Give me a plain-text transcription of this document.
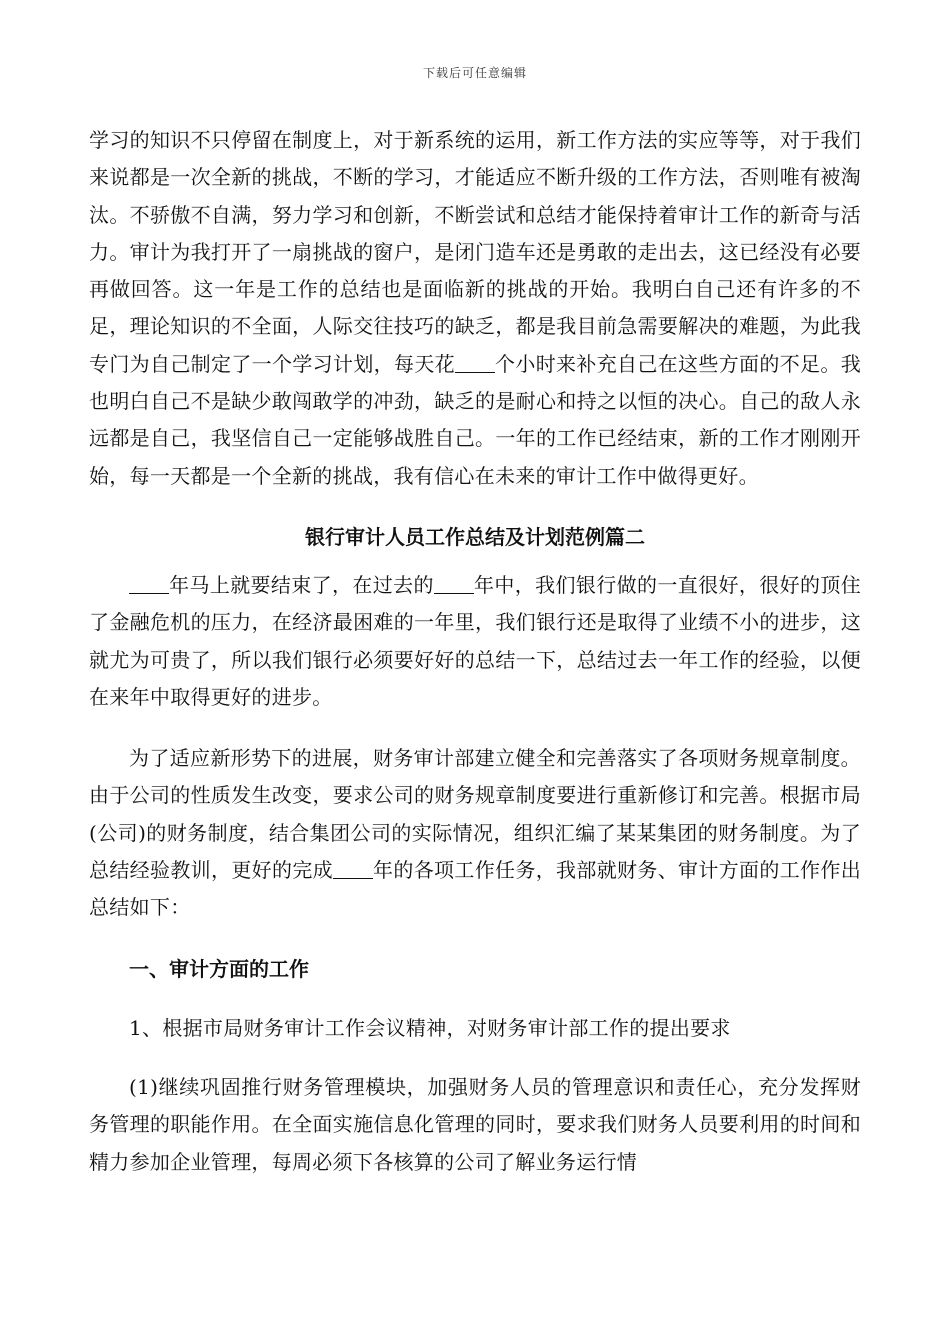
下载后可任意编辑

学习的知识不只停留在制度上，对于新系统的运用，新工作方法的实应等等，对于我们来说都是一次全新的挑战，不断的学习，才能适应不断升级的工作方法，否则唯有被淘汰。不骄傲不自满，努力学习和创新，不断尝试和总结才能保持着审计工作的新奇与活力。审计为我打开了一扇挑战的窗户，是闭门造车还是勇敢的走出去，这已经没有必要再做回答。这一年是工作的总结也是面临新的挑战的开始。我明白自己还有许多的不足，理论知识的不全面，人际交往技巧的缺乏，都是我目前急需要解决的难题，为此我专门为自己制定了一个学习计划，每天花 个小时来补充自己在这些方面的不足。我也明白自己不是缺少敢闯敢学的冲劲，缺乏的是耐心和持之以恒的决心。自己的敌人永远都是自己，我坚信自己一定能够战胜自己。一年的工作已经结束，新的工作才刚刚开始，每一天都是一个全新的挑战，我有信心在未来的审计工作中做得更好。

银行审计人员工作总结及计划范例篇二

年马上就要结束了，在过去的 年中，我们银行做的一直很好，很好的顶住了金融危机的压力，在经济最困难的一年里，我们银行还是取得了业绩不小的进步，这就尤为可贵了，所以我们银行必须要好好的总结一下，总结过去一年工作的经验，以便在来年中取得更好的进步。

为了适应新形势下的进展，财务审计部建立健全和完善落实了各项财务规章制度。由于公司的性质发生改变，要求公司的财务规章制度要进行重新修订和完善。根据市局(公司)的财务制度，结合集团公司的实际情况，组织汇编了某某集团的财务制度。为了总结经验教训，更好的完成 年的各项工作任务，我部就财务、审计方面的工作作出总结如下：

一、审计方面的工作

1、根据市局财务审计工作会议精神，对财务审计部工作的提出要求

(1)继续巩固推行财务管理模块，加强财务人员的管理意识和责任心，充分发挥财务管理的职能作用。在全面实施信息化管理的同时，要求我们财务人员要利用的时间和精力参加企业管理，每周必须下各核算的公司了解业务运行情
